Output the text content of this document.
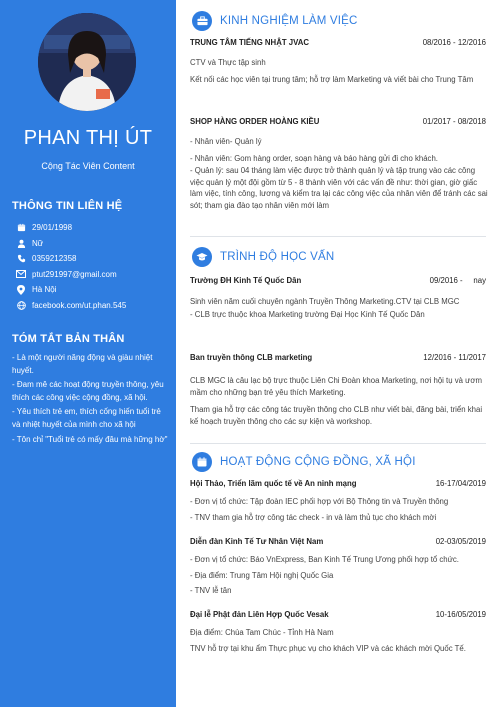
PHAN THỊ ÚT
Cộng Tác Viên Content
THÔNG TIN LIÊN HỆ
29/01/1998
Nữ
0359212358
ptut291997@gmail.com
Hà Nội
facebook.com/ut.phan.545
TÓM TẮT BẢN THÂN

- Là một người năng động và giàu nhiệt huyết.

- Đam mê các hoạt động truyền thông, yêu thích các công việc cộng đồng, xã hội.

- Yêu thích trẻ em, thích cống hiến tuổi trẻ và nhiệt huyết của mình cho xã hội

- Tôn chỉ "Tuổi trẻ có mấy đâu mà hững hờ"

KINH NGHIỆM LÀM VIỆC
TRUNG TÂM TIẾNG NHẬT JVAC	08/2016 - 12/2016

CTV và Thực tập sinh

Kết nối các học viên tại trung tâm; hỗ trợ làm Marketing và viết bài cho Trung Tâm

SHOP HÀNG ORDER HOÀNG KIỀU	01/2017 - 08/2018

- Nhân viên- Quản lý

- Nhân viên: Gom hàng order, soạn hàng và báo hàng gửi đi cho khách.

- Quản lý: sau 04 tháng làm việc được trở thành quản lý và tập trung vào các công việc quản lý một đội gồm từ 5 - 8 thành viên với các vấn đề như: thời gian, giờ giấc làm việc, tính công, lương và kiểm tra lại các công việc của nhân viên để tránh các sai sót; tham gia đào tạo nhân viên mới làm

TRÌNH ĐỘ HỌC VẤN
Trường ĐH Kinh Tế Quốc Dân	09/2016 -     nay

Sinh viên năm cuối chuyên ngành Truyền Thông Marketing.CTV tại CLB MGC

- CLB trực thuộc khoa Marketing trường Đại Học Kinh Tế Quốc Dân

Ban truyền thông CLB marketing	12/2016 - 11/2017

CLB MGC là câu lạc bộ trực thuộc Liên Chi Đoàn khoa Marketing, nơi hội tụ và ươm mầm cho những bạn trẻ yêu thích Marketing.

Tham gia hỗ trợ các công tác truyền thông cho CLB như viết bài, đăng bài, triển khai kế hoạch truyền thông cho các sự kiện và workshop.

HOẠT ĐỘNG CỘNG ĐỒNG, XÃ HỘI
Hội Thảo, Triển lãm quốc tế về An ninh mạng	16-17/04/2019

- Đơn vị tổ chức: Tập đoàn IEC phối hợp với Bộ Thông tin và Truyền thông

- TNV tham gia hỗ trợ công tác check - in và làm thủ tục cho khách mời

Diễn đàn Kinh Tế Tư Nhân Việt Nam	02-03/05/2019

- Đơn vị tổ chức: Báo VnExpress, Ban Kinh Tế Trung Ương phối hợp tổ chức.

- Địa điểm: Trung Tâm Hội nghị Quốc Gia

- TNV lễ tân

Đại lễ Phật đản Liên Hợp Quốc Vesak	10-16/05/2019

Địa điểm: Chùa Tam Chúc - Tỉnh Hà Nam

TNV hỗ trợ tại khu ẩm Thực phục vụ cho khách VIP và các khách mời Quốc Tế.
